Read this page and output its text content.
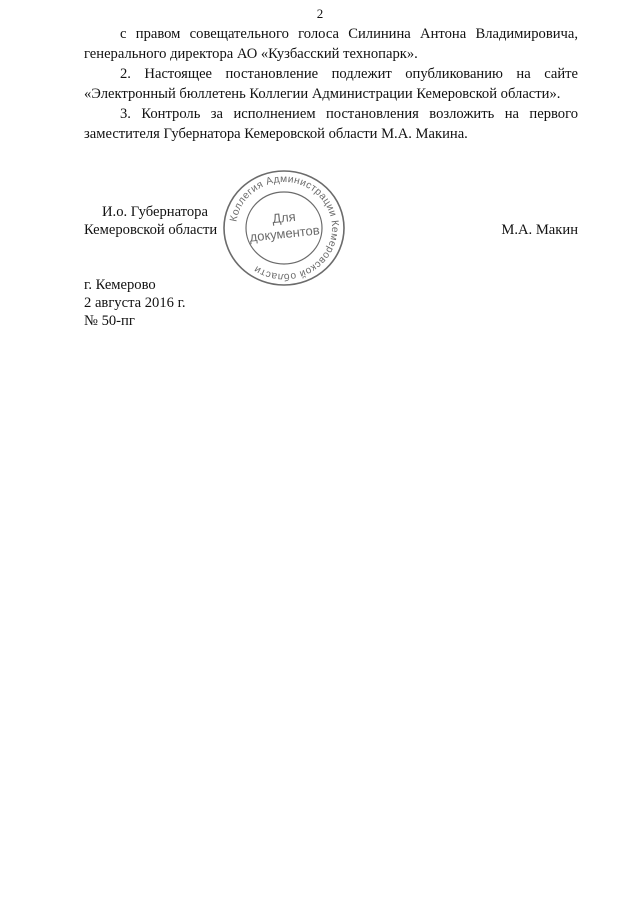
2

с правом совещательного голоса Силинина Антона Владимировича, генерального директора АО «Кузбасский технопарк».

2. Настоящее постановление подлежит опубликованию на сайте «Электронный бюллетень Коллегии Администрации Кемеровской области».

3. Контроль за исполнением постановления возложить на первого заместителя Губернатора Кемеровской области М.А. Макина.

И.о. Губернатора
Кемеровской области	М.А. Макин
Коллегия Администрации Кемеровской области
Для
документов
г. Кемерово
2 августа 2016 г.
№ 50-пг
